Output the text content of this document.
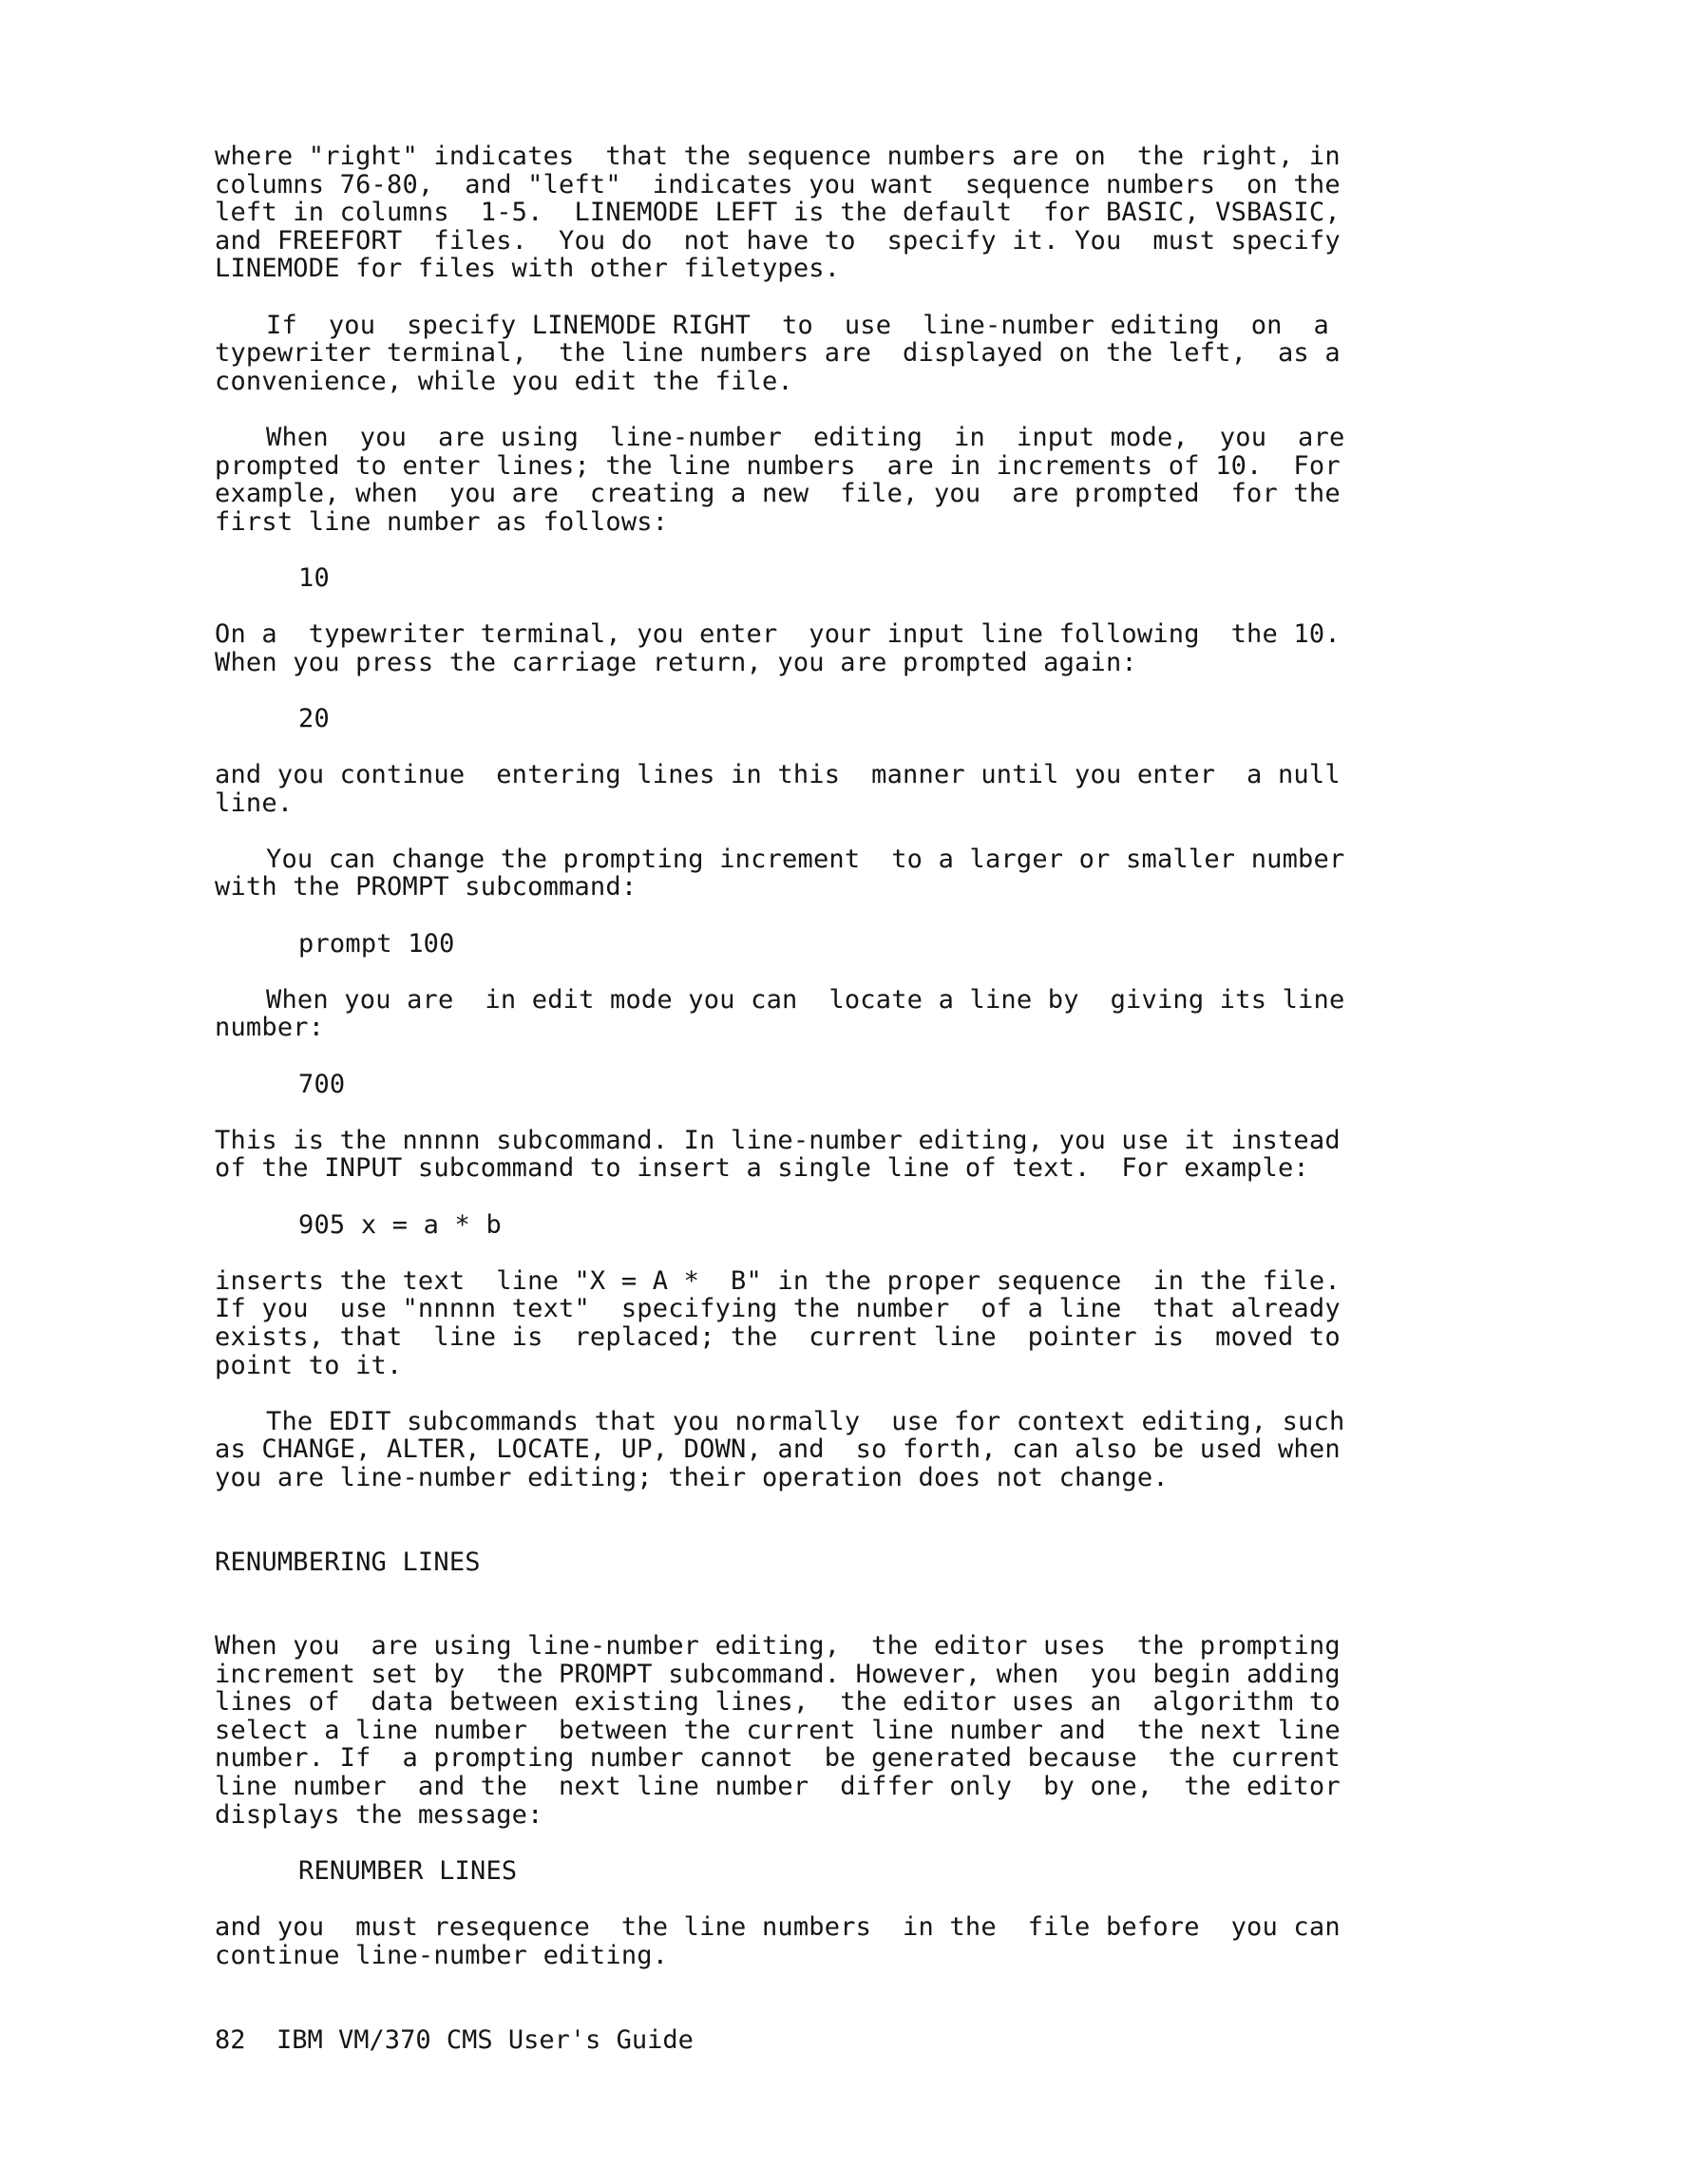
where "right" indicates  that the sequence numbers are on  the right, in
columns 76-80,  and "left"  indicates you want  sequence numbers  on the
left in columns  1-5.  LINEMODE LEFT is the default  for BASIC, VSBASIC,
and FREEFORT  files.  You do  not have to  specify it. You  must specify
LINEMODE for files with other filetypes.
If  you  specify LINEMODE RIGHT  to  use  line-number editing  on  a
typewriter terminal,  the line numbers are  displayed on the left,  as a
convenience, while you edit the file.
When  you  are using  line-number  editing  in  input mode,  you  are
prompted to enter lines; the line numbers  are in increments of 10.  For
example, when  you are  creating a new  file, you  are prompted  for the
first line number as follows:
10
On a  typewriter terminal, you enter  your input line following  the 10.
When you press the carriage return, you are prompted again:
20
and you continue  entering lines in this  manner until you enter  a null
line.
You can change the prompting increment  to a larger or smaller number
with the PROMPT subcommand:
prompt 100
When you are  in edit mode you can  locate a line by  giving its line
number:
700
This is the nnnnn subcommand. In line-number editing, you use it instead
of the INPUT subcommand to insert a single line of text.  For example:
905 x = a * b
inserts the text  line "X = A *  B" in the proper sequence  in the file.
If you  use "nnnnn text"  specifying the number  of a line  that already
exists, that  line is  replaced; the  current line  pointer is  moved to
point to it.
The EDIT subcommands that you normally  use for context editing, such
as CHANGE, ALTER, LOCATE, UP, DOWN, and  so forth, can also be used when
you are line-number editing; their operation does not change.
RENUMBERING LINES
When you  are using line-number editing,  the editor uses  the prompting
increment set by  the PROMPT subcommand. However, when  you begin adding
lines of  data between existing lines,  the editor uses an  algorithm to
select a line number  between the current line number and  the next line
number. If  a prompting number cannot  be generated because  the current
line number  and the  next line number  differ only  by one,  the editor
displays the message:
RENUMBER LINES
and you  must resequence  the line numbers  in the  file before  you can
continue line-number editing.
82  IBM VM/370 CMS User's Guide
